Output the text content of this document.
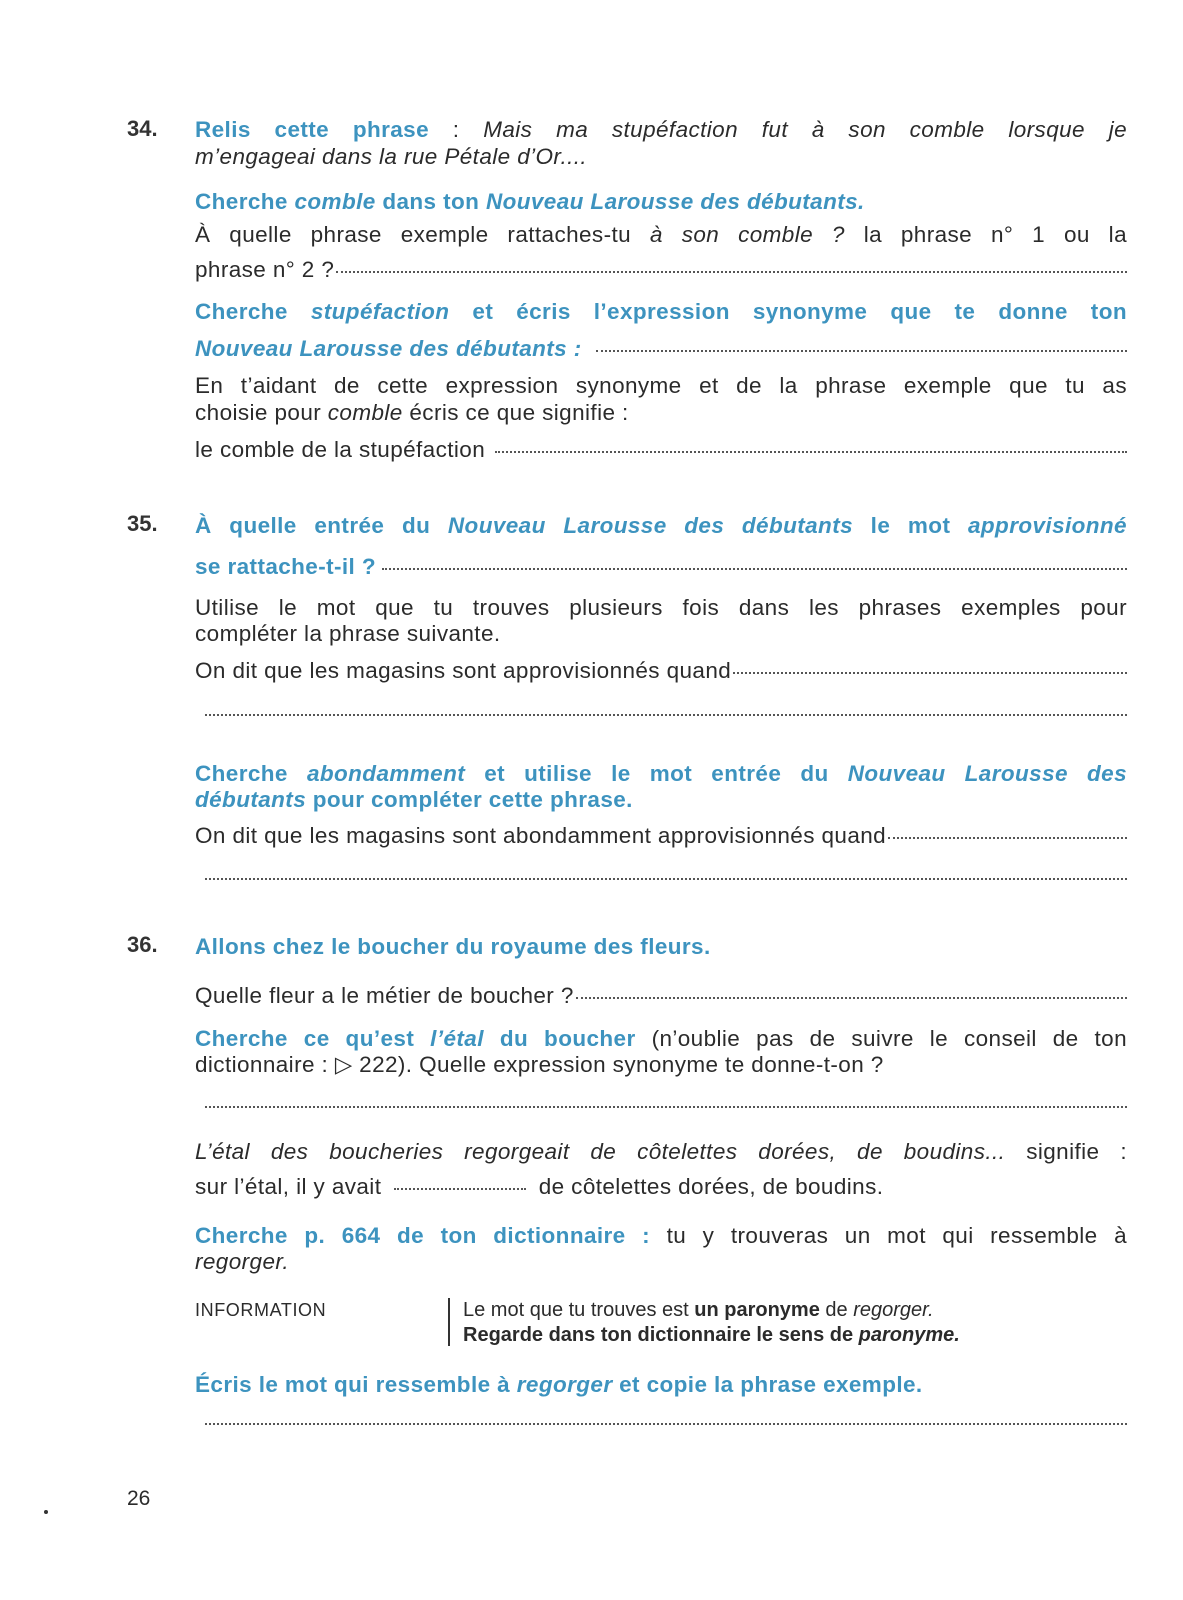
34. Relis cette phrase : Mais ma stupéfaction fut à son comble lorsque je
m’engageai dans la rue Pétale d’Or....
Cherche comble dans ton Nouveau Larousse des débutants.
À quelle phrase exemple rattaches-tu à son comble ? la phrase n° 1 ou la
phrase n° 2 ?
Cherche stupéfaction et écris l’expression synonyme que te donne ton
Nouveau Larousse des débutants :
En t’aidant de cette expression synonyme et de la phrase exemple que tu as
choisie pour comble écris ce que signifie :
le comble de la stupéfaction
35. À quelle entrée du Nouveau Larousse des débutants le mot approvisionné
se rattache-t-il ?
Utilise le mot que tu trouves plusieurs fois dans les phrases exemples pour
compléter la phrase suivante.
On dit que les magasins sont approvisionnés quand
Cherche abondamment et utilise le mot entrée du Nouveau Larousse des
débutants pour compléter cette phrase.
On dit que les magasins sont abondamment approvisionnés quand
36. Allons chez le boucher du royaume des fleurs.
Quelle fleur a le métier de boucher ?
Cherche ce qu’est l’étal du boucher (n’oublie pas de suivre le conseil de ton
dictionnaire : ▷ 222). Quelle expression synonyme te donne-t-on ?
L’étal des boucheries regorgeait de côtelettes dorées, de boudins... signifie :
sur l’étal, il y avait	de côtelettes dorées, de boudins.
Cherche p. 664 de ton dictionnaire : tu y trouveras un mot qui ressemble à
regorger.
INFORMATION	Le mot que tu trouves est un paronyme de regorger.
Regarde dans ton dictionnaire le sens de paronyme.
Écris le mot qui ressemble à regorger et copie la phrase exemple.
26
